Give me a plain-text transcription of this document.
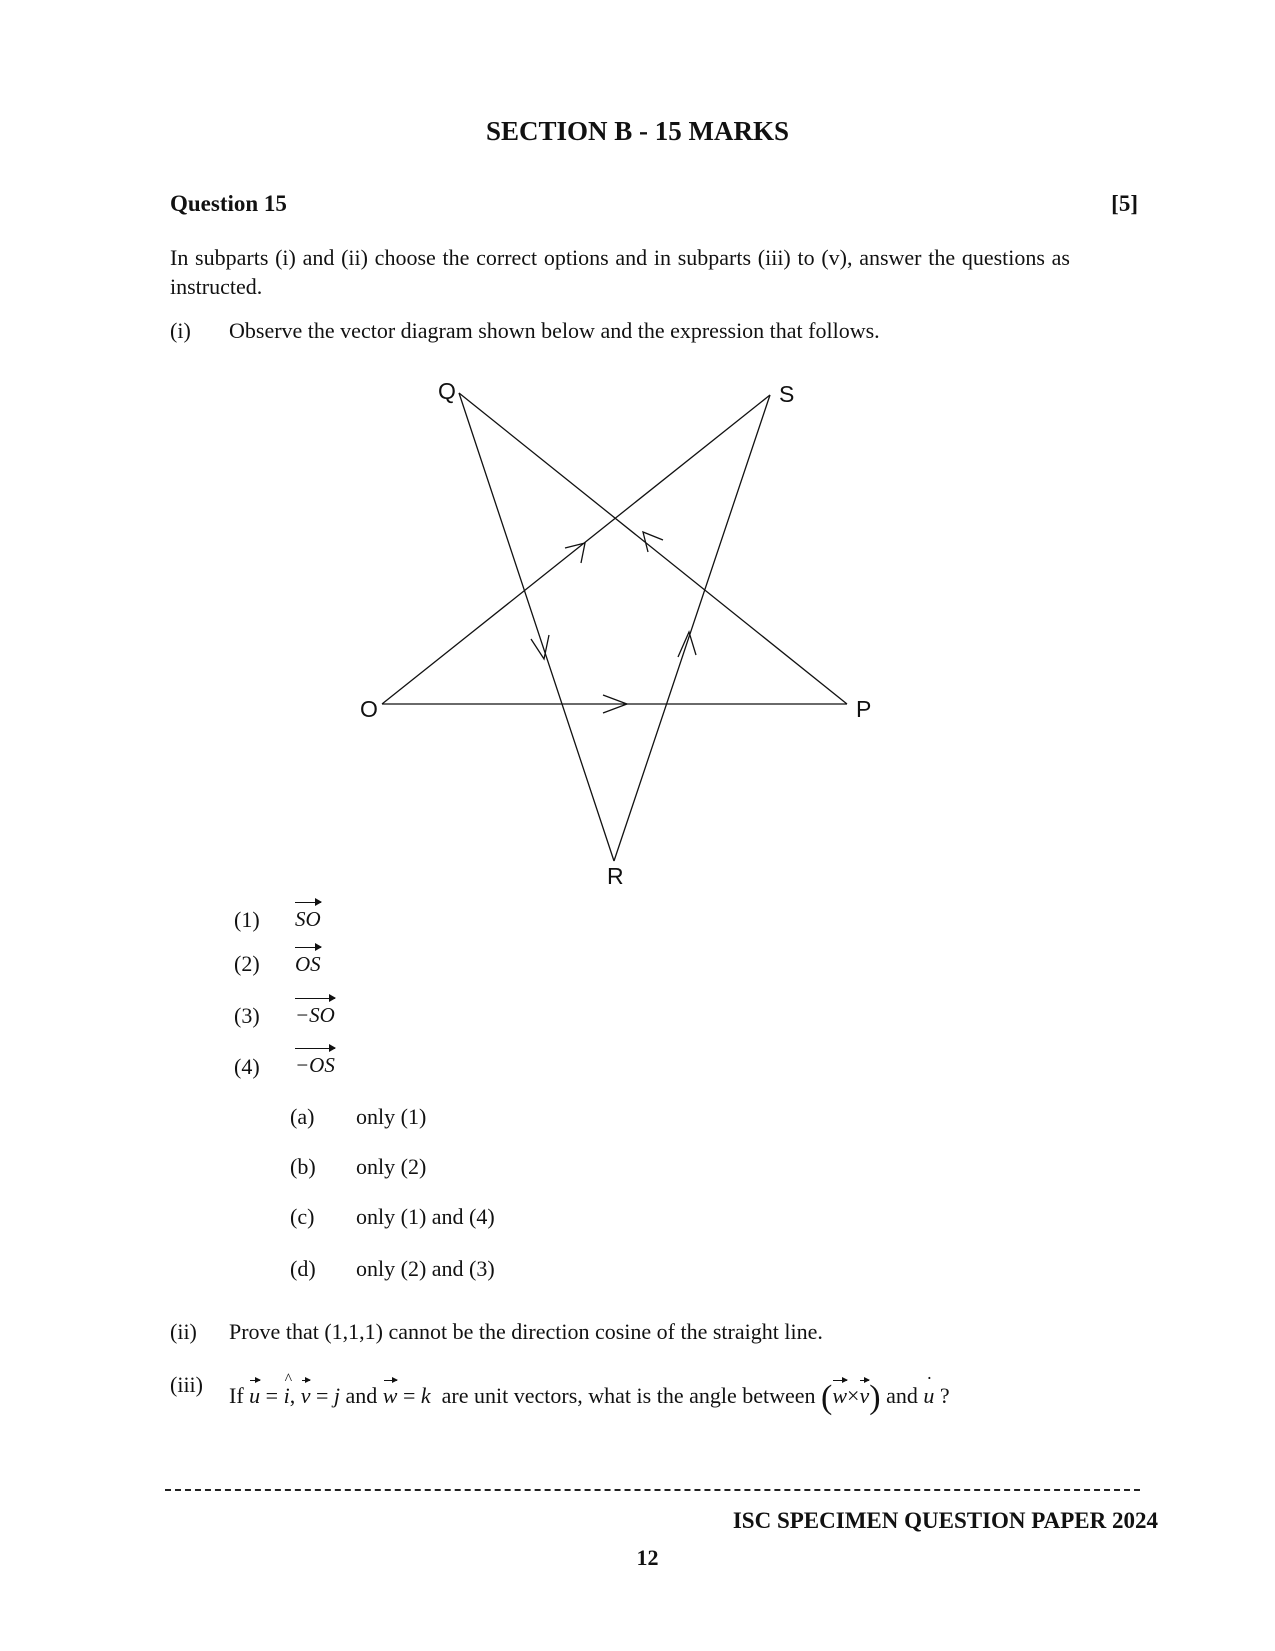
SECTION B - 15 MARKS
Question 15	[5]
In subparts (i) and (ii) choose the correct options and in subparts (iii) to (v), answer the questions as instructed.
(i) Observe the vector diagram shown below and the expression that follows.
Q	S
O	P
R
(1) SO
(2) OS
(3) −SO
(4) −OS
(a) only (1)
(b) only (2)
(c) only (1) and (4)
(d) only (2) and (3)
(ii) Prove that (1,1,1) cannot be the direction cosine of the straight line.
(iii) If u = ^ i, v = j and w = k are unit vectors, what is the angle between (w×v) and · u ?
ISC SPECIMEN QUESTION PAPER 2024
12
